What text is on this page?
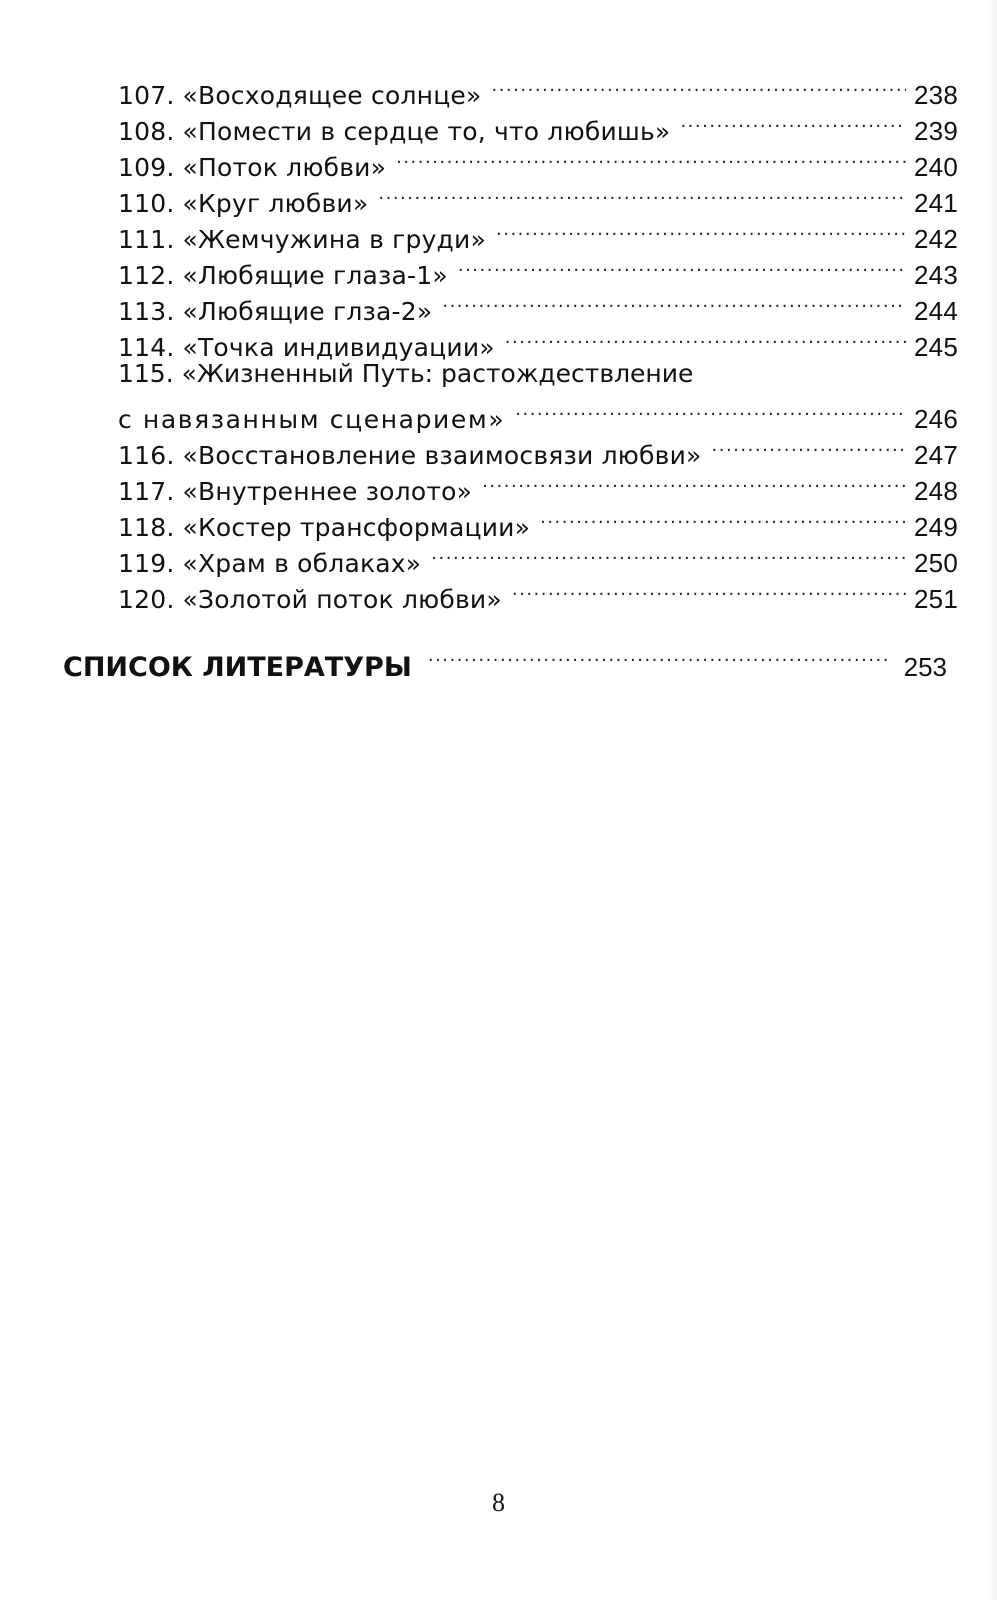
107. «Восходящее солнце» .....	238
108. «Помести в сердце то, что любишь» .....	239
109. «Поток любви» .....	240
110. «Круг любви» .....	241
111. «Жемчужина в груди» .....	242
112. «Любящие глаза-1» .....	243
113. «Любящие глза-2» .....	244
114. «Точка индивидуации» .....	245
115. «Жизненный Путь: растождествление
с навязанным сценарием» .....	246
116. «Восстановление взаимосвязи любви» .....	247
117. «Внутреннее золото» .....	248
118. «Костер трансформации» .....	249
119. «Храм в облаках» .....	250
120. «Золотой поток любви» .....	251
СПИСОК ЛИТЕРАТУРЫ .....	253
8
